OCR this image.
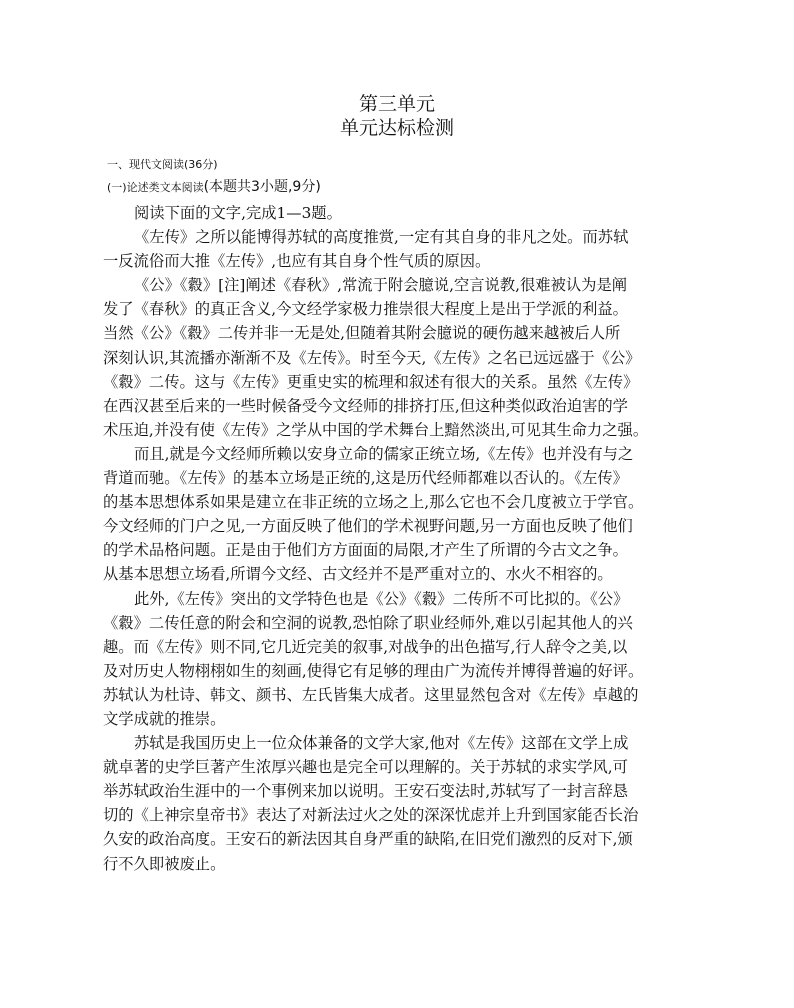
第三单元
单元达标检测
一、现代文阅读(36分)
(一)论述类文本阅读(本题共3小题,9分)
阅读下面的文字,完成1—3题。
《左传》之所以能博得苏轼的高度推赏,一定有其自身的非凡之处。而苏轼
一反流俗而大推《左传》,也应有其自身个性气质的原因。
《公》《縠》[注]阐述《春秋》,常流于附会臆说,空言说教,很难被认为是阐
发了《春秋》的真正含义,今文经学家极力推崇很大程度上是出于学派的利益。
当然《公》《縠》二传并非一无是处,但随着其附会臆说的硬伤越来越被后人所
深刻认识,其流播亦渐渐不及《左传》。时至今天,《左传》之名已远远盛于《公》
《縠》二传。这与《左传》更重史实的梳理和叙述有很大的关系。虽然《左传》
在西汉甚至后来的一些时候备受今文经师的排挤打压,但这种类似政治迫害的学
术压迫,并没有使《左传》之学从中国的学术舞台上黯然淡出,可见其生命力之强。
而且,就是今文经师所赖以安身立命的儒家正统立场,《左传》也并没有与之
背道而驰。《左传》的基本立场是正统的,这是历代经师都难以否认的。《左传》
的基本思想体系如果是建立在非正统的立场之上,那么它也不会几度被立于学官。
今文经师的门户之见,一方面反映了他们的学术视野问题,另一方面也反映了他们
的学术品格问题。正是由于他们方方面面的局限,才产生了所谓的今古文之争。
从基本思想立场看,所谓今文经、古文经并不是严重对立的、水火不相容的。
此外,《左传》突出的文学特色也是《公》《縠》二传所不可比拟的。《公》
《縠》二传任意的附会和空洞的说教,恐怕除了职业经师外,难以引起其他人的兴
趣。而《左传》则不同,它几近完美的叙事,对战争的出色描写,行人辞令之美,以
及对历史人物栩栩如生的刻画,使得它有足够的理由广为流传并博得普遍的好评。
苏轼认为杜诗、韩文、颜书、左氏皆集大成者。这里显然包含对《左传》卓越的
文学成就的推崇。
苏轼是我国历史上一位众体兼备的文学大家,他对《左传》这部在文学上成
就卓著的史学巨著产生浓厚兴趣也是完全可以理解的。关于苏轼的求实学风,可
举苏轼政治生涯中的一个事例来加以说明。王安石变法时,苏轼写了一封言辞恳
切的《上神宗皇帝书》表达了对新法过火之处的深深忧虑并上升到国家能否长治
久安的政治高度。王安石的新法因其自身严重的缺陷,在旧党们激烈的反对下,颁
行不久即被废止。
